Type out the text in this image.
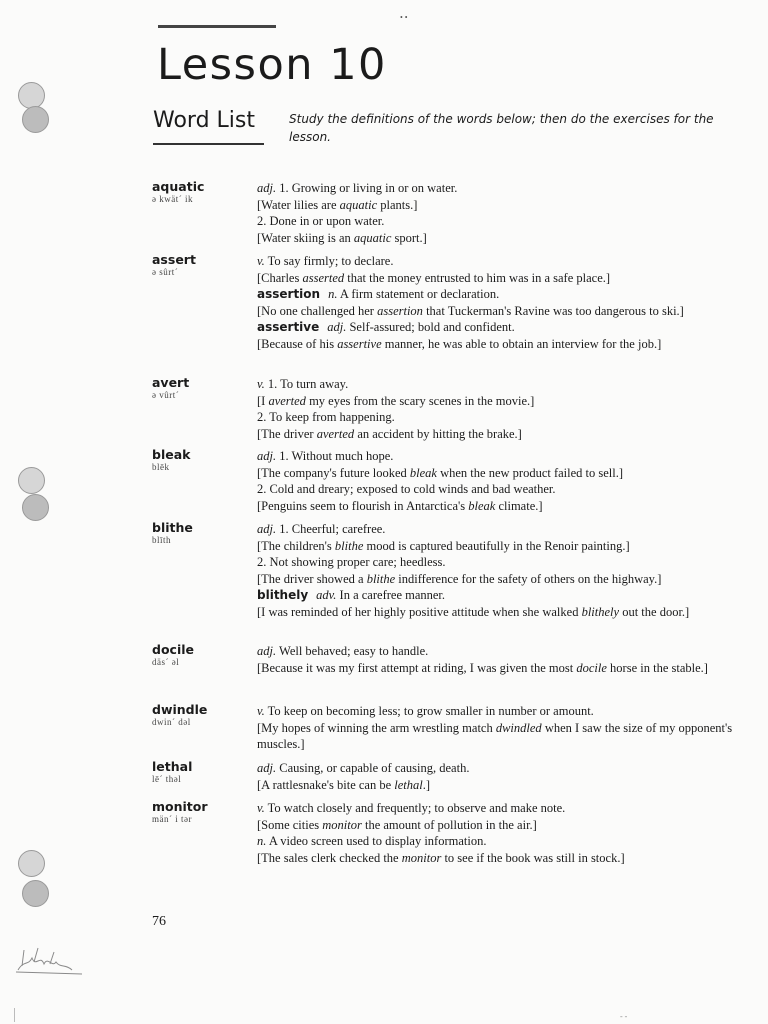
• •
Lesson 10
Word List	Study the definitions of the words below; then do the exercises for the lesson.

aquatic
ə kwät´ ik
adj. 1. Growing or living in or on water.
[Water lilies are aquatic plants.]
2. Done in or upon water.
[Water skiing is an aquatic sport.]
assert
ə sûrt´
v. To say firmly; to declare.
[Charles asserted that the money entrusted to him was in a safe place.]
assertion n. A firm statement or declaration.
[No one challenged her assertion that Tuckerman's Ravine was too dangerous to ski.]
assertive adj. Self-assured; bold and confident.
[Because of his assertive manner, he was able to obtain an interview for the job.]
avert
ə vûrt´
v. 1. To turn away.
[I averted my eyes from the scary scenes in the movie.]
2. To keep from happening.
[The driver averted an accident by hitting the brake.]
bleak
blēk
adj. 1. Without much hope.
[The company's future looked bleak when the new product failed to sell.]
2. Cold and dreary; exposed to cold winds and bad weather.
[Penguins seem to flourish in Antarctica's bleak climate.]
blithe
blīth
adj. 1. Cheerful; carefree.
[The children's blithe mood is captured beautifully in the Renoir painting.]
2. Not showing proper care; heedless.
[The driver showed a blithe indifference for the safety of others on the highway.]
blithely adv. In a carefree manner.
[I was reminded of her highly positive attitude when she walked blithely out the door.]
docile
däs´ əl
adj. Well behaved; easy to handle.
[Because it was my first attempt at riding, I was given the most docile horse in the stable.]
dwindle
dwin´ dəl
v. To keep on becoming less; to grow smaller in number or amount.
[My hopes of winning the arm wrestling match dwindled when I saw the size of my opponent's muscles.]
lethal
lē´ thəl
adj. Causing, or capable of causing, death.
[A rattlesnake's bite can be lethal.]
monitor
män´ i tər
v. To watch closely and frequently; to observe and make note.
[Some cities monitor the amount of pollution in the air.]
n. A video screen used to display information.
[The sales clerk checked the monitor to see if the book was still in stock.]
76
- -
